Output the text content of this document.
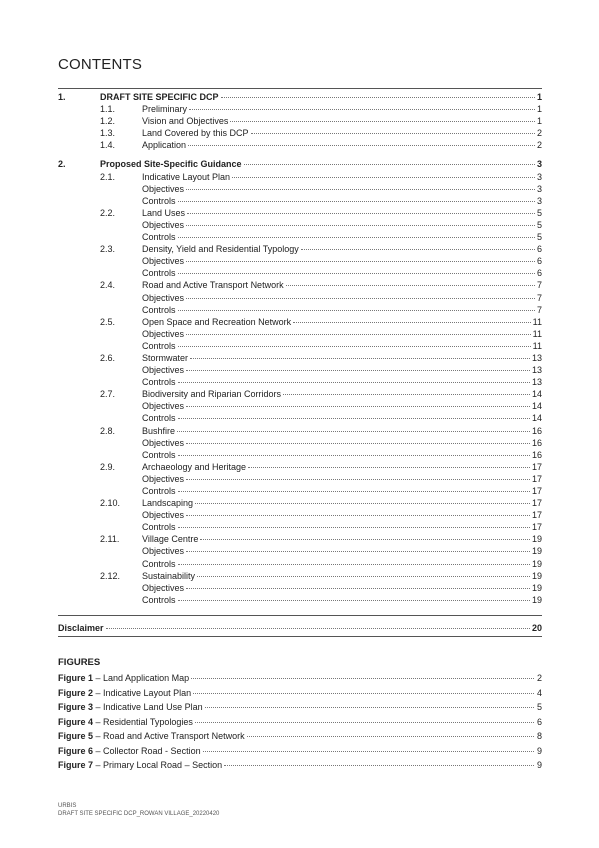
CONTENTS
1.	DRAFT SITE SPECIFIC DCP	1
1.1.	Preliminary	1
1.2.	Vision and Objectives	1
1.3.	Land Covered by this DCP	2
1.4.	Application	2
2.	Proposed Site-Specific Guidance	3
2.1.	Indicative Layout Plan	3
Objectives	3
Controls	3
2.2.	Land Uses	5
Objectives	5
Controls	5
2.3.	Density, Yield and Residential Typology	6
Objectives	6
Controls	6
2.4.	Road and Active Transport Network	7
Objectives	7
Controls	7
2.5.	Open Space and Recreation Network	11
Objectives	11
Controls	11
2.6.	Stormwater	13
Objectives	13
Controls	13
2.7.	Biodiversity and Riparian Corridors	14
Objectives	14
Controls	14
2.8.	Bushfire	16
Objectives	16
Controls	16
2.9.	Archaeology and Heritage	17
Objectives	17
Controls	17
2.10.	Landscaping	17
Objectives	17
Controls	17
2.11.	Village Centre	19
Objectives	19
Controls	19
2.12.	Sustainability	19
Objectives	19
Controls	19
Disclaimer	20
FIGURES
Figure 1 – Land Application Map	2
Figure 2 – Indicative Layout Plan	4
Figure 3 – Indicative Land Use Plan	5
Figure 4 – Residential Typologies	6
Figure 5 – Road and Active Transport Network	8
Figure 6 – Collector Road - Section	9
Figure 7 – Primary Local Road – Section	9
URBIS
DRAFT SITE SPECIFIC DCP_ROWAN VILLAGE_20220420
